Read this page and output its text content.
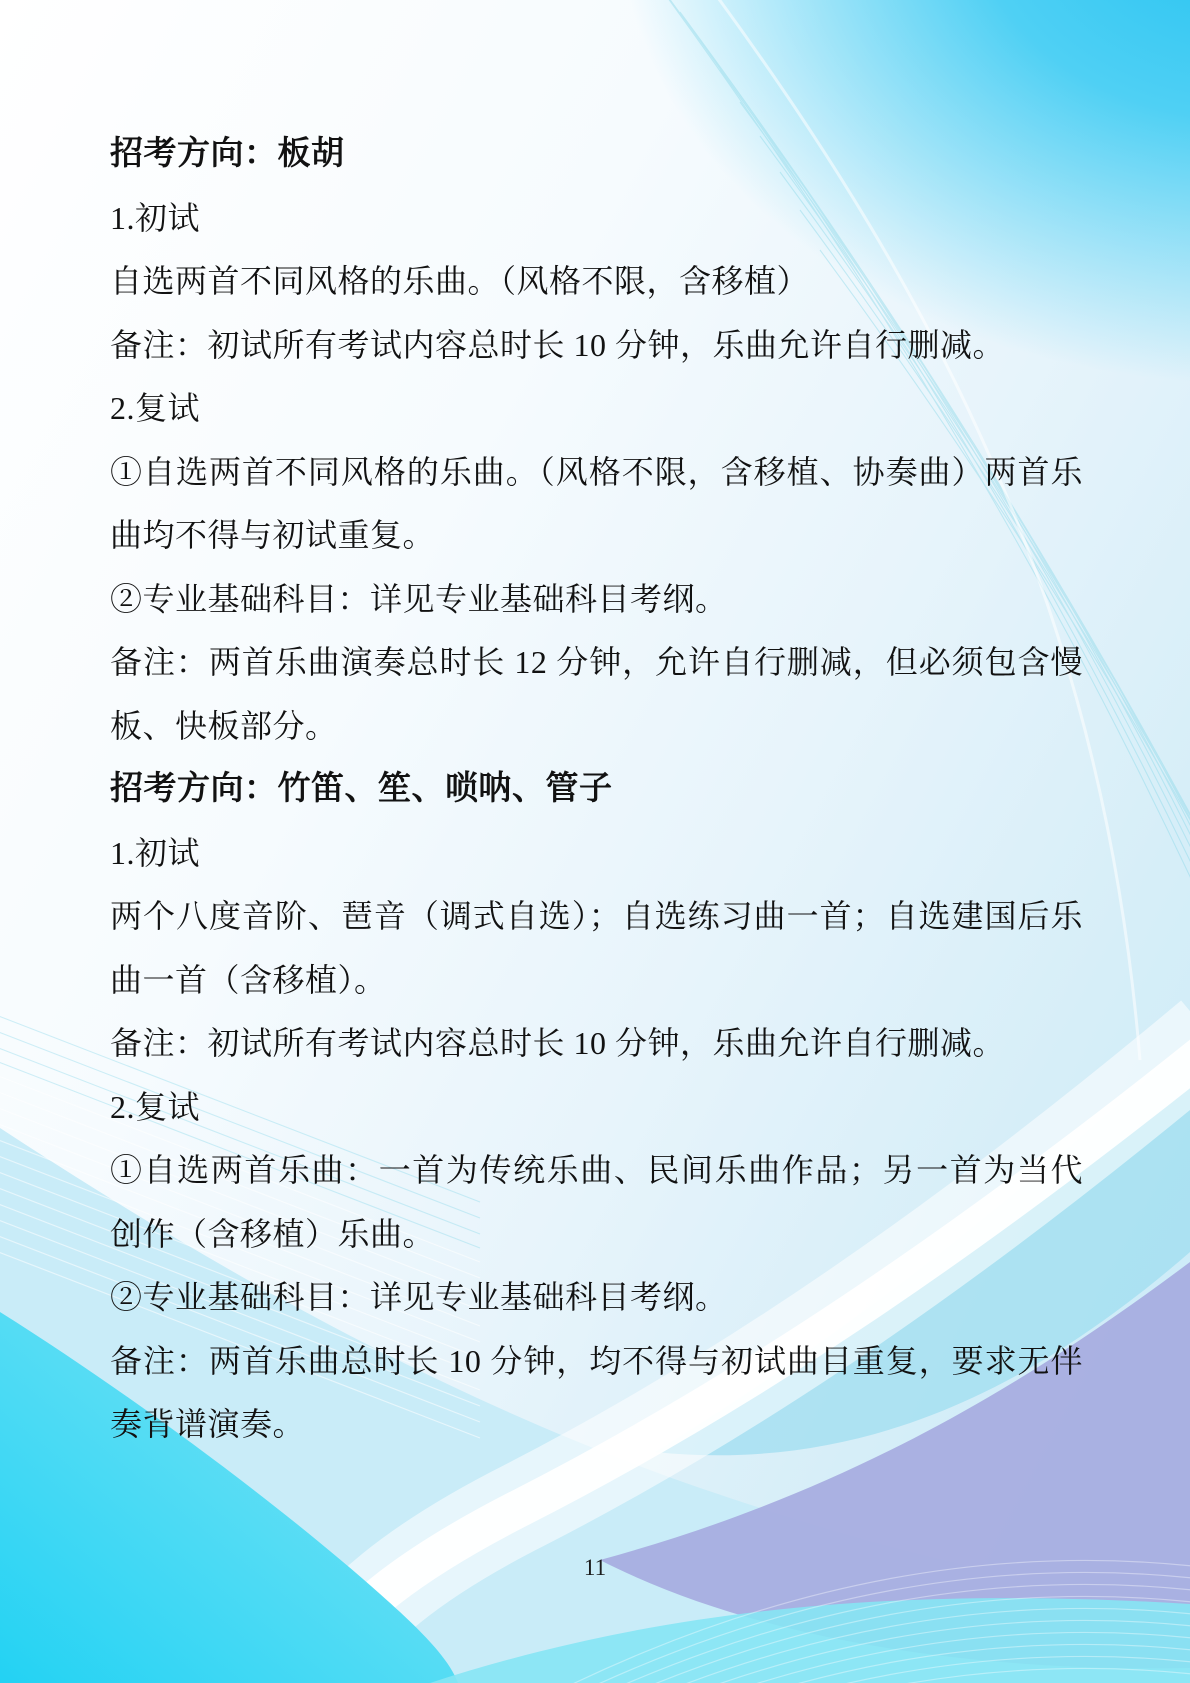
招考方向：板胡

1.初试

自选两首不同风格的乐曲。（风格不限，含移植）

备注：初试所有考试内容总时长 10 分钟，乐曲允许自行删减。

2.复试

①自选两首不同风格的乐曲。（风格不限，含移植、协奏曲）两首乐曲均不得与初试重复。

②专业基础科目：详见专业基础科目考纲。

备注：两首乐曲演奏总时长 12 分钟，允许自行删减，但必须包含慢板、快板部分。

招考方向：竹笛、笙、唢呐、管子

1.初试

两个八度音阶、琶音（调式自选）；自选练习曲一首；自选建国后乐曲一首（含移植）。

备注：初试所有考试内容总时长 10 分钟，乐曲允许自行删减。

2.复试

①自选两首乐曲：一首为传统乐曲、民间乐曲作品；另一首为当代创作（含移植）乐曲。

②专业基础科目：详见专业基础科目考纲。

备注：两首乐曲总时长 10 分钟，均不得与初试曲目重复，要求无伴奏背谱演奏。

11
